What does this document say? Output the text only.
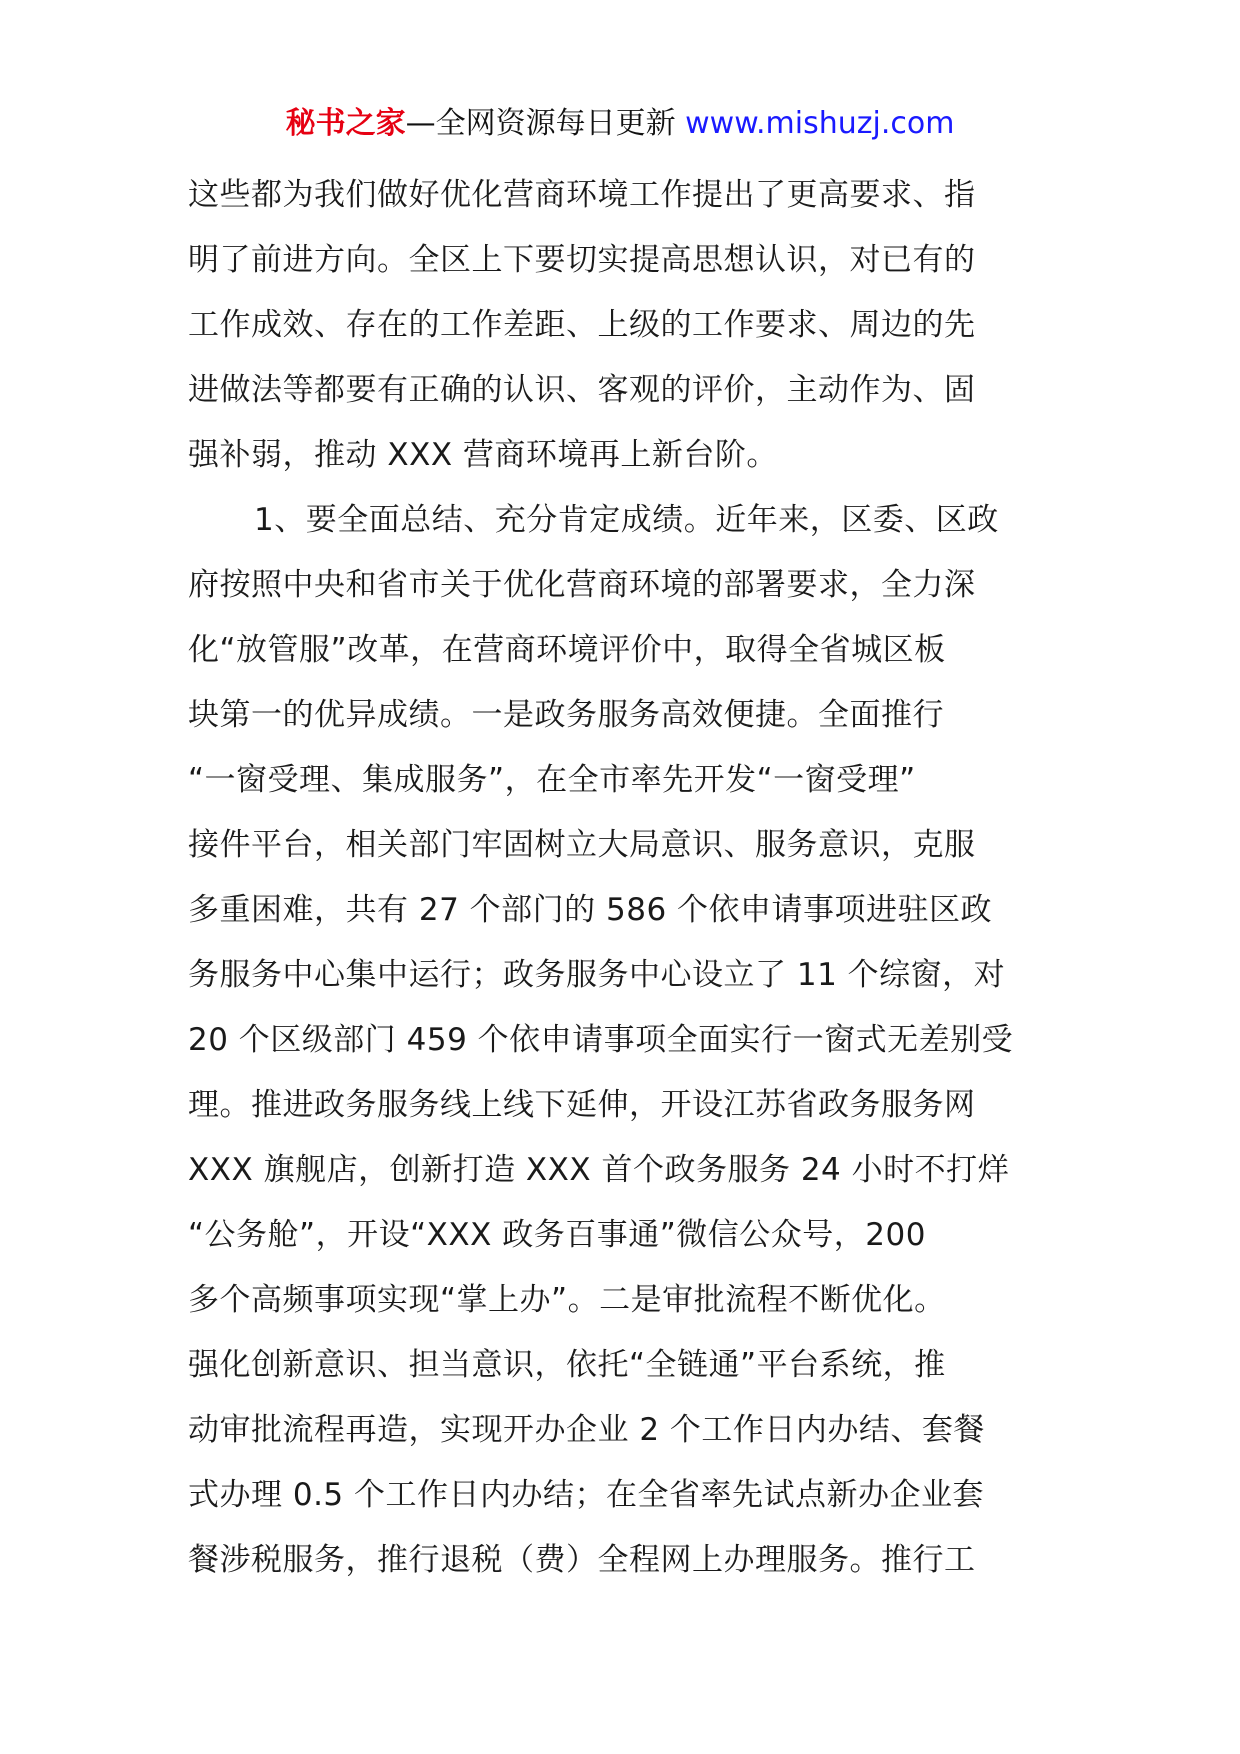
秘书之家—全网资源每日更新 www.mishuzj.com
这些都为我们做好优化营商环境工作提出了更高要求、指
明了前进方向。全区上下要切实提高思想认识，对已有的
工作成效、存在的工作差距、上级的工作要求、周边的先
进做法等都要有正确的认识、客观的评价，主动作为、固
强补弱，推动 XXX 营商环境再上新台阶。
1、要全面总结、充分肯定成绩。近年来，区委、区政
府按照中央和省市关于优化营商环境的部署要求，全力深
化“放管服”改革，在营商环境评价中，取得全省城区板
块第一的优异成绩。一是政务服务高效便捷。全面推行
“一窗受理、集成服务”，在全市率先开发“一窗受理”
接件平台，相关部门牢固树立大局意识、服务意识，克服
多重困难，共有 27 个部门的 586 个依申请事项进驻区政
务服务中心集中运行；政务服务中心设立了 11 个综窗，对
20 个区级部门 459 个依申请事项全面实行一窗式无差别受
理。推进政务服务线上线下延伸，开设江苏省政务服务网
XXX 旗舰店，创新打造 XXX 首个政务服务 24 小时不打烊
“公务舱”，开设“XXX 政务百事通”微信公众号，200
多个高频事项实现“掌上办”。二是审批流程不断优化。
强化创新意识、担当意识，依托“全链通”平台系统，推
动审批流程再造，实现开办企业 2 个工作日内办结、套餐
式办理 0.5 个工作日内办结；在全省率先试点新办企业套
餐涉税服务，推行退税（费）全程网上办理服务。推行工
